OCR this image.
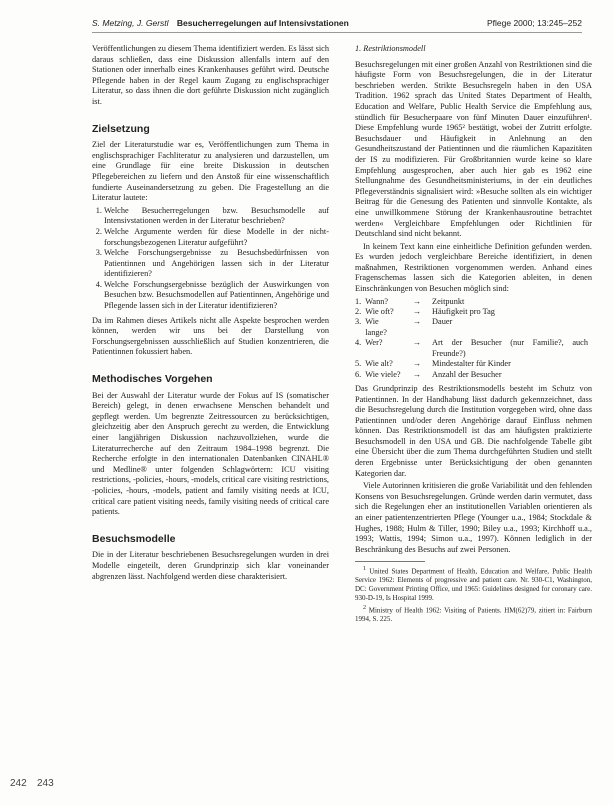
S. Metzing, J. Gerstl Besucherregelungen auf Intensivstationen	Pflege 2000; 13:245–252

Veröffentlichungen zu diesem Thema identifiziert werden. Es lässt sich daraus schließen, dass eine Diskussion allenfalls intern auf den Stationen oder innerhalb eines Krankenhauses geführt wird. Deutsche Pflegende haben in der Regel kaum Zugang zu englischsprachiger Literatur, so dass ihnen die dort geführte Diskussion nicht zugänglich ist.

Zielsetzung

Ziel der Literaturstudie war es, Veröffentlichungen zum Thema in englischsprachiger Fachliteratur zu analysieren und darzustellen, um eine Grundlage für eine breite Diskussion in deutschen Pflegebereichen zu liefern und den Anstoß für eine wissenschaftlich fundierte Auseinandersetzung zu geben. Die Fragestellung an die Literatur lautete:

1. Welche Besucherregelungen bzw. Besuchsmodelle auf Intensivstationen werden in der Literatur beschrieben?
2. Welche Argumente werden für diese Modelle in der nicht-forschungsbezogenen Literatur aufgeführt?
3. Welche Forschungsergebnisse zu Besuchsbedürfnissen von Patientinnen und Angehörigen lassen sich in der Literatur identifizieren?
4. Welche Forschungsergebnisse bezüglich der Auswirkungen von Besuchen bzw. Besuchsmodellen auf Patientinnen, Angehörige und Pflegende lassen sich in der Literatur identifizieren?

Da im Rahmen dieses Artikels nicht alle Aspekte besprochen werden können, werden wir uns bei der Darstellung von Forschungsergebnissen ausschließlich auf Studien konzentrieren, die Patientinnen fokussiert haben.

Methodisches Vorgehen

Bei der Auswahl der Literatur wurde der Fokus auf IS (somatischer Bereich) gelegt, in denen erwachsene Menschen behandelt und gepflegt werden. Um begrenzte Zeitressourcen zu berücksichtigen, gleichzeitig aber den Anspruch gerecht zu werden, die Entwicklung einer langjährigen Diskussion nachzuvollziehen, wurde die Literaturrecherche auf den Zeitraum 1984–1998 begrenzt. Die Recherche erfolgte in den internationalen Datenbanken CINAHL® und Medline® unter folgenden Schlagwörtern: ICU visiting restrictions, -policies, -hours, -models, critical care visiting restrictions, -policies, -hours, -models, patient and family visiting needs at ICU, critical care patient visiting needs, family visiting needs of critical care patients.

Besuchsmodelle

Die in der Literatur beschriebenen Besuchsregelungen wurden in drei Modelle eingeteilt, deren Grundprinzip sich klar voneinander abgrenzen lässt. Nachfolgend werden diese charakterisiert.

1. Restriktionsmodell

Besuchsregelungen mit einer großen Anzahl von Restriktionen sind die häufigste Form von Besuchsregelungen, die in der Literatur beschrieben werden. Strikte Besuchsregeln haben in den USA Tradition. 1962 sprach das United States Department of Health, Education and Welfare, Public Health Service die Empfehlung aus, stündlich für Besucherpaare von fünf Minuten Dauer einzuführen¹. Diese Empfehlung wurde 1965² bestätigt, wobei der Zutritt erfolgte. Besuchsdauer und Häufigkeit in Anlehnung an den Gesundheitszustand der Patientinnen und die räumlichen Kapazitäten der IS zu modifizieren. Für Großbritannien wurde keine so klare Empfehlung ausgesprochen, aber auch hier gab es 1962 eine Stellungnahme des Gesundheitsministeriums, in der ein deutliches Pflegeverständnis signalisiert wird: »Besuche sollten als ein wichtiger Beitrag für die Genesung des Patienten und sinnvolle Kontakte, als eine unwillkommene Störung der Krankenhausroutine betrachtet werden« Vergleichbare Empfehlungen oder Richtlinien für Deutschland sind nicht bekannt.

In keinem Text kann eine einheitliche Definition gefunden werden. Es wurden jedoch vergleichbare Bereiche identifiziert, in denen maßnahmen, Restriktionen vorgenommen werden. Anhand eines Fragenschemas lassen sich die Kategorien ableiten, in denen Einschränkungen von Besuchen möglich sind:

1.	Wann?	→	Zeitpunkt
2.	Wie oft?	→	Häufigkeit pro Tag
3.	Wie lange?	→	Dauer
4.	Wer?	→	Art der Besucher (nur Familie?, auch Freunde?)
5.	Wie alt?	→	Mindestalter für Kinder
6.	Wie viele?	→	Anzahl der Besucher

Das Grundprinzip des Restriktionsmodells besteht im Schutz von Patientinnen. In der Handhabung lässt dadurch gekennzeichnet, dass die Besuchsregelung durch die Institution vorgegeben wird, ohne dass Patientinnen und/oder deren Angehörige darauf Einfluss nehmen können. Das Restriktionsmodell ist das am häufigsten praktizierte Besuchsmodell in den USA und GB. Die nachfolgende Tabelle gibt eine Übersicht über die zum Thema durchgeführten Studien und stellt deren Ergebnisse unter Berücksichtigung der oben genannten Kategorien dar.

Viele Autorinnen kritisieren die große Variabilität und den fehlenden Konsens von Besuchsregelungen. Gründe werden darin vermutet, dass sich die Regelungen eher an institutionellen Variablen orientieren als an einer patientenzentrierten Pflege (Younger u.a., 1984; Stockdale & Hughes, 1988; Hulm & Tiller, 1990; Biley u.a., 1993; Kirchhoff u.a., 1993; Wattis, 1994; Simon u.a., 1997). Können lediglich in der Beschränkung des Besuchs auf zwei Personen.

$^1$ United States Department of Health, Education and Welfare, Public Health Service 1962: Elements of progressive and patient care. Nr. 930-C1, Washington, DC: Government Printing Office, und 1965: Guidelines designed for coronary care. 930-D-19, Is Hospital 1999.

$^2$ Ministry of Health 1962: Visiting of Patients. HM(62)79, zitiert in: Fairburn 1994, S. 225.

242 243
